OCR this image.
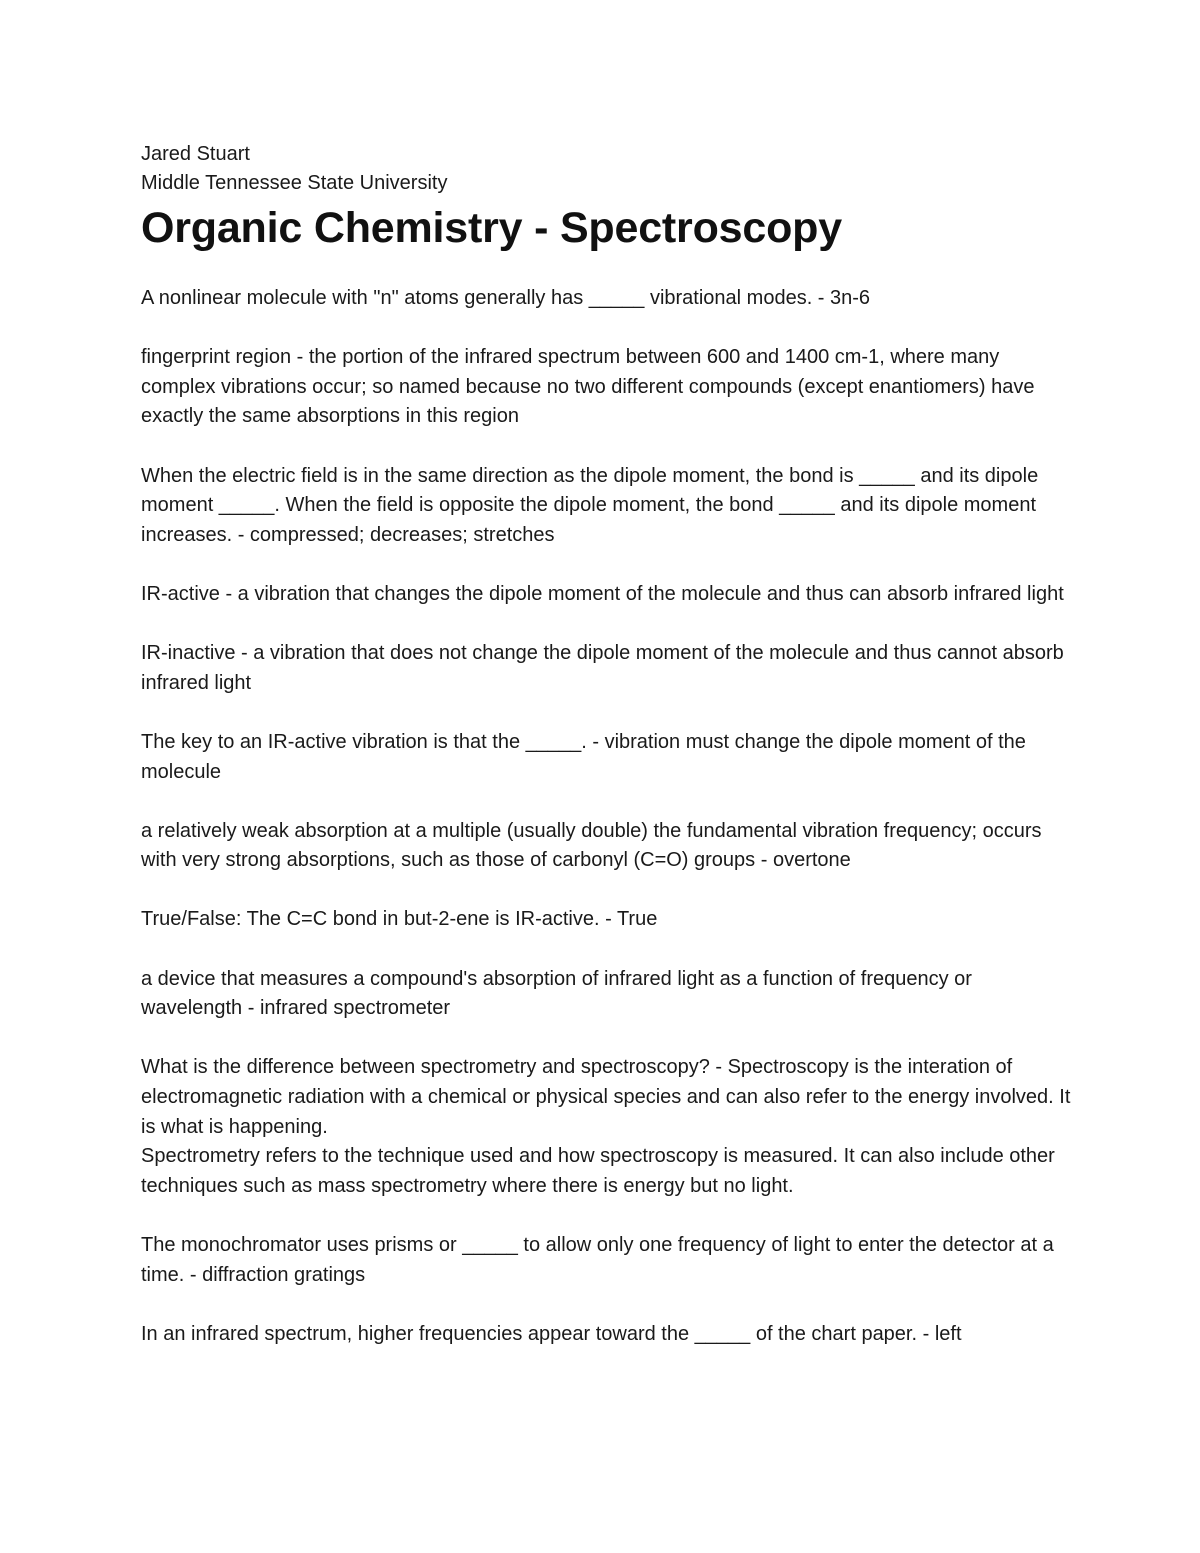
Jared Stuart

Middle Tennessee State University

Organic Chemistry - Spectroscopy

A nonlinear molecule with "n" atoms generally has _____ vibrational modes. - 3n-6

fingerprint region - the portion of the infrared spectrum between 600 and 1400 cm-1, where many complex vibrations occur; so named because no two different compounds (except enantiomers) have exactly the same absorptions in this region

When the electric field is in the same direction as the dipole moment, the bond is _____ and its dipole moment _____. When the field is opposite the dipole moment, the bond _____ and its dipole moment increases. - compressed; decreases; stretches

IR-active - a vibration that changes the dipole moment of the molecule and thus can absorb infrared light

IR-inactive - a vibration that does not change the dipole moment of the molecule and thus cannot absorb infrared light

The key to an IR-active vibration is that the _____. - vibration must change the dipole moment of the molecule

a relatively weak absorption at a multiple (usually double) the fundamental vibration frequency; occurs with very strong absorptions, such as those of carbonyl (C=O) groups - overtone

True/False: The C=C bond in but-2-ene is IR-active. - True

a device that measures a compound's absorption of infrared light as a function of frequency or wavelength - infrared spectrometer

What is the difference between spectrometry and spectroscopy? - Spectroscopy is the interation of electromagnetic radiation with a chemical or physical species and can also refer to the energy involved. It is what is happening.

Spectrometry refers to the technique used and how spectroscopy is measured. It can also include other techniques such as mass spectrometry where there is energy but no light.

The monochromator uses prisms or _____ to allow only one frequency of light to enter the detector at a time. - diffraction gratings

In an infrared spectrum, higher frequencies appear toward the _____ of the chart paper. - left
